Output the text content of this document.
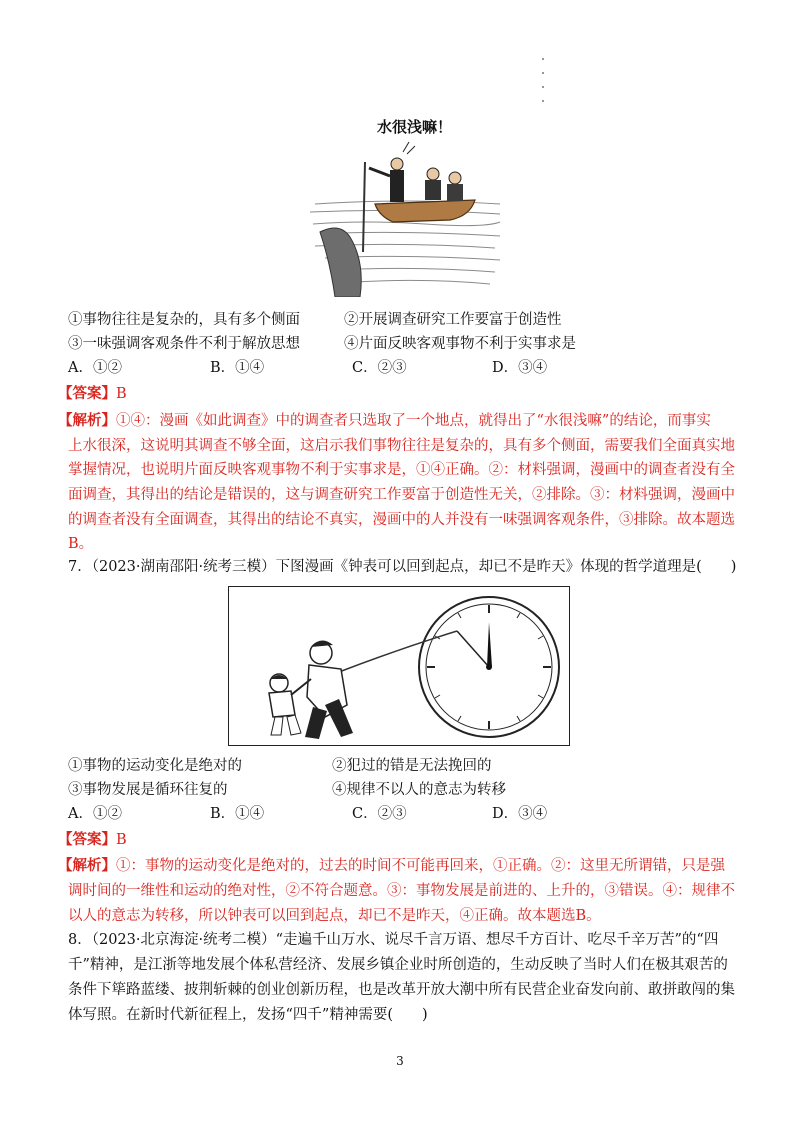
水很浅嘛！
①事物往往是复杂的，具有多个侧面	②开展调查研究工作要富于创造性
③一味强调客观条件不利于解放思想	④片面反映客观事物不利于实事求是
A．①②	B．①④	C．②③	D．③④
【答案】B
【解析】①④：漫画《如此调查》中的调查者只选取了一个地点，就得出了“水很浅嘛”的结论，而事实
上水很深，这说明其调查不够全面，这启示我们事物往往是复杂的，具有多个侧面，需要我们全面真实地
掌握情况，也说明片面反映客观事物不利于实事求是，①④正确。②：材料强调，漫画中的调查者没有全
面调查，其得出的结论是错误的，这与调查研究工作要富于创造性无关，②排除。③：材料强调，漫画中
的调查者没有全面调查，其得出的结论不真实，漫画中的人并没有一味强调客观条件，③排除。故本题选
B。
7．（2023·湖南邵阳·统考三模）下图漫画《钟表可以回到起点，却已不是昨天》体现的哲学道理是(　　)
①事物的运动变化是绝对的	②犯过的错是无法挽回的
③事物发展是循环往复的	④规律不以人的意志为转移
A．①②	B．①④	C．②③	D．③④
【答案】B
【解析】①：事物的运动变化是绝对的，过去的时间不可能再回来，①正确。②：这里无所谓错，只是强
调时间的一维性和运动的绝对性，②不符合题意。③：事物发展是前进的、上升的，③错误。④：规律不
以人的意志为转移，所以钟表可以回到起点，却已不是昨天，④正确。故本题选B。
8．（2023·北京海淀·统考二模）“走遍千山万水、说尽千言万语、想尽千方百计、吃尽千辛万苦”的“四
千”精神，是江浙等地发展个体私营经济、发展乡镇企业时所创造的，生动反映了当时人们在极其艰苦的
条件下筚路蓝缕、披荆斩棘的创业创新历程，也是改革开放大潮中所有民营企业奋发向前、敢拼敢闯的集
体写照。在新时代新征程上，发扬“四千”精神需要(　　)
3
